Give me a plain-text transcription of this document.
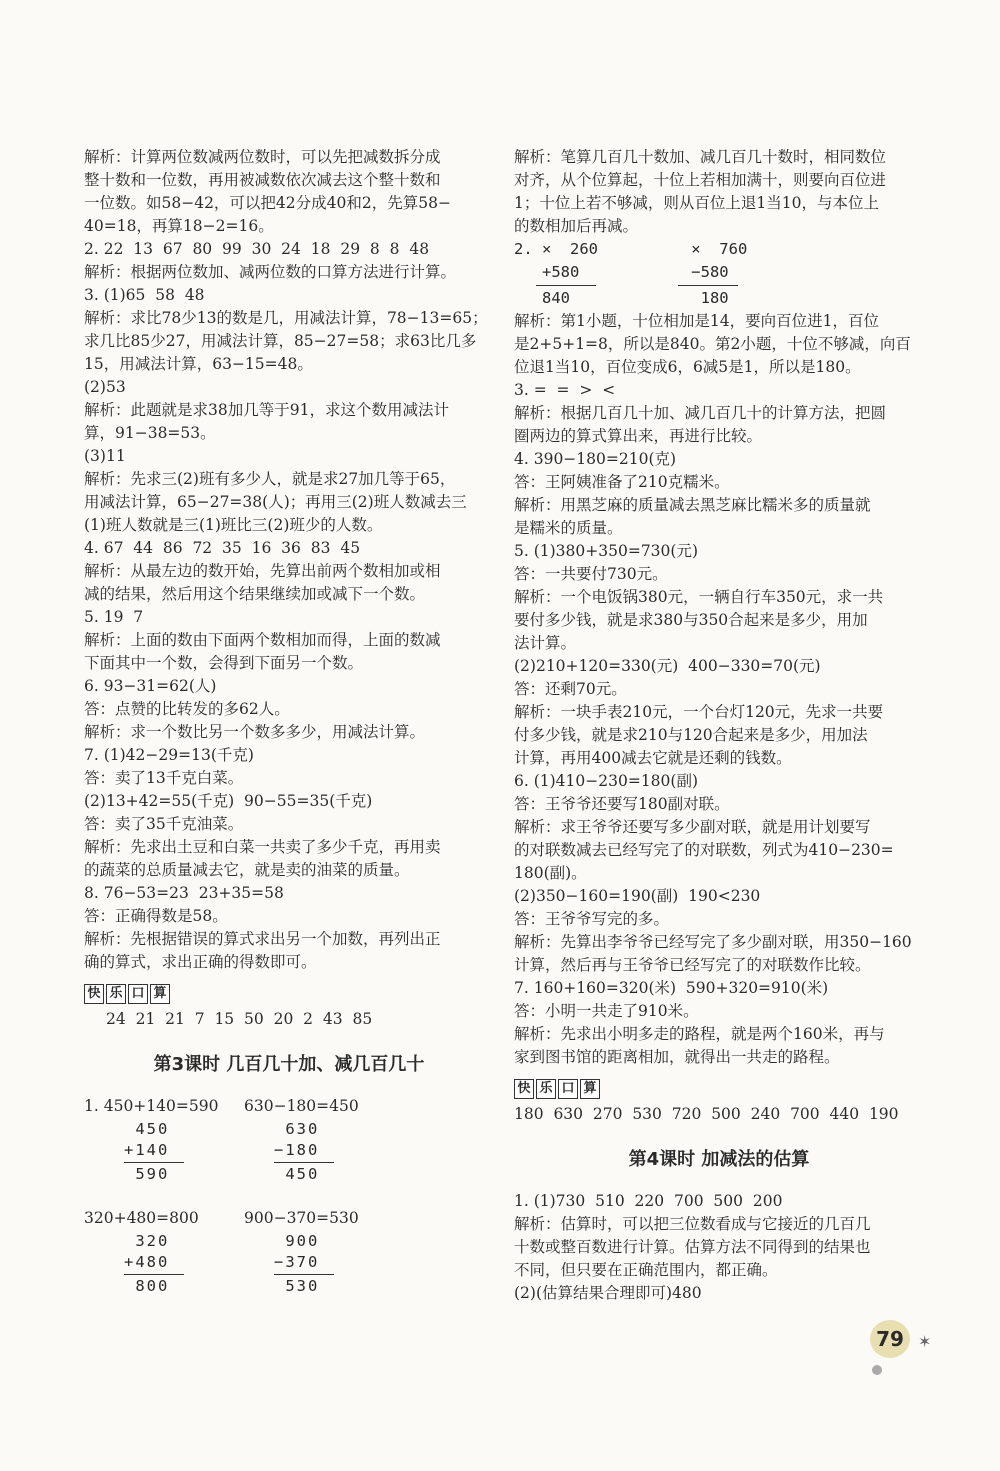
解析：计算两位数减两位数时，可以先把减数拆分成
整十数和一位数，再用被减数依次减去这个整十数和
一位数。如58−42，可以把42分成40和2，先算58−
40=18，再算18−2=16。
2. 22  13  67  80  99  30  24  18  29  8  8  48
解析：根据两位数加、减两位数的口算方法进行计算。
3. (1)65  58  48
解析：求比78少13的数是几，用减法计算，78−13=65；
求几比85少27，用减法计算，85−27=58；求63比几多
15，用减法计算，63−15=48。
(2)53
解析：此题就是求38加几等于91，求这个数用减法计
算，91−38=53。
(3)11
解析：先求三(2)班有多少人，就是求27加几等于65，
用减法计算，65−27=38(人)；再用三(2)班人数减去三
(1)班人数就是三(1)班比三(2)班少的人数。
4. 67  44  86  72  35  16  36  83  45
解析：从最左边的数开始，先算出前两个数相加或相
减的结果，然后用这个结果继续加或减下一个数。
5. 19  7
解析：上面的数由下面两个数相加而得，上面的数减
下面其中一个数，会得到下面另一个数。
6. 93−31=62(人)
答：点赞的比转发的多62人。
解析：求一个数比另一个数多多少，用减法计算。
7. (1)42−29=13(千克)
答：卖了13千克白菜。
(2)13+42=55(千克)  90−55=35(千克)
答：卖了35千克油菜。
解析：先求出土豆和白菜一共卖了多少千克，再用卖
的蔬菜的总质量减去它，就是卖的油菜的质量。
8. 76−53=23  23+35=58
答：正确得数是58。
解析：先根据错误的算式求出另一个加数，再列出正
确的算式，求出正确的得数即可。
快 乐 口 算
24  21  21  7  15  50  20  2  43  85
第3课时 几百几十加、减几百几十
1. 450+140=590 630−180=450
450
+140
590
630
−180
450
320+480=800	900−370=530
320
+480
800
900
−370
530
解析：笔算几百几十数加、减几百几十数时，相同数位
对齐，从个位算起，十位上若相加满十，则要向百位进
1；十位上若不够减，则从百位上退1当10，与本位上
的数相加后再减。
2. ×  260          ×  760
+580            −580
840              180
解析：第1小题，十位相加是14，要向百位进1，百位
是2+5+1=8，所以是840。第2小题，十位不够减，向百
位退1当10，百位变成6，6减5是1，所以是180。
3. =  =  >  <
解析：根据几百几十加、减几百几十的计算方法，把圆
圈两边的算式算出来，再进行比较。
4. 390−180=210(克)
答：王阿姨准备了210克糯米。
解析：用黑芝麻的质量减去黑芝麻比糯米多的质量就
是糯米的质量。
5. (1)380+350=730(元)
答：一共要付730元。
解析：一个电饭锅380元，一辆自行车350元，求一共
要付多少钱，就是求380与350合起来是多少，用加
法计算。
(2)210+120=330(元)  400−330=70(元)
答：还剩70元。
解析：一块手表210元，一个台灯120元，先求一共要
付多少钱，就是求210与120合起来是多少，用加法
计算，再用400减去它就是还剩的钱数。
6. (1)410−230=180(副)
答：王爷爷还要写180副对联。
解析：求王爷爷还要写多少副对联，就是用计划要写
的对联数减去已经写完了的对联数，列式为410−230=
180(副)。
(2)350−160=190(副)  190<230
答：王爷爷写完的多。
解析：先算出李爷爷已经写完了多少副对联，用350−160
计算，然后再与王爷爷已经写完了的对联数作比较。
7. 160+160=320(米)  590+320=910(米)
答：小明一共走了910米。
解析：先求出小明多走的路程，就是两个160米，再与
家到图书馆的距离相加，就得出一共走的路程。
快 乐 口 算
180  630  270  530  720  500  240  700  440  190
第4课时 加减法的估算
1. (1)730  510  220  700  500  200
解析：估算时，可以把三位数看成与它接近的几百几
十数或整百数进行计算。估算方法不同得到的结果也
不同，但只要在正确范围内，都正确。
(2)(估算结果合理即可)480
79 ✶
